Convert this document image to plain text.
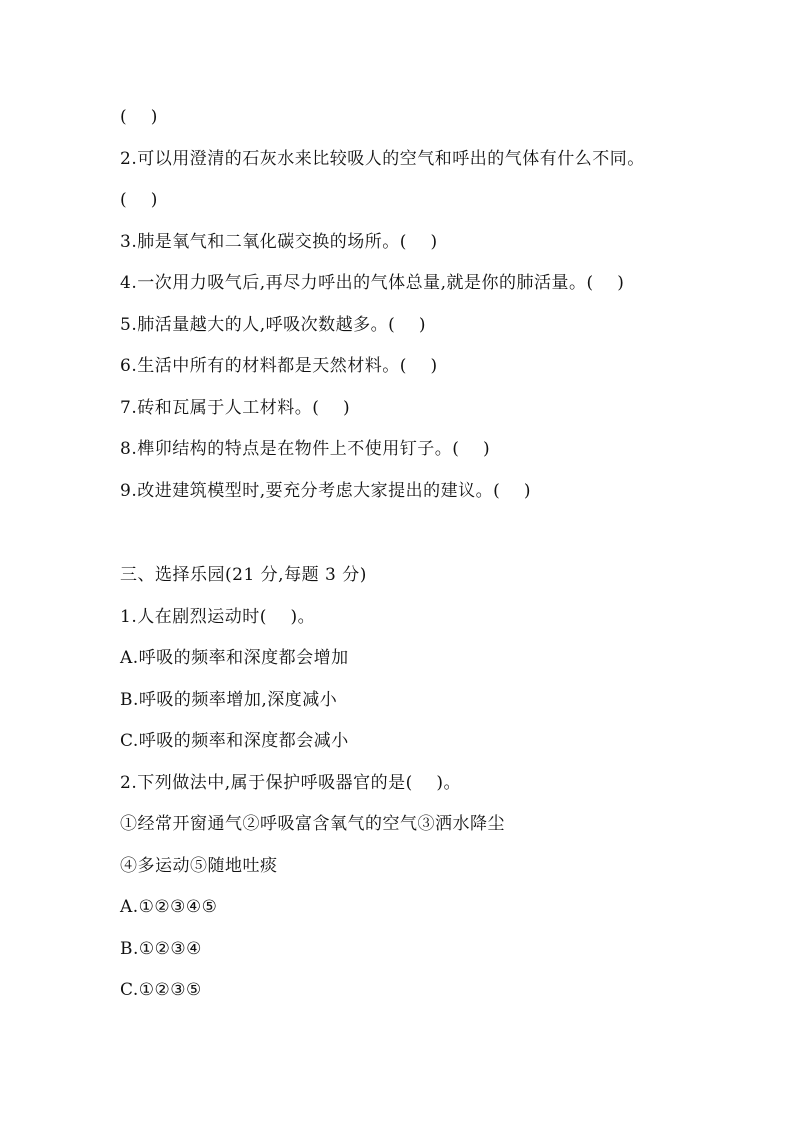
(    )
2.可以用澄清的石灰水来比较吸人的空气和呼出的气体有什么不同。
(    )
3.肺是氧气和二氧化碳交换的场所。(    )
4.一次用力吸气后,再尽力呼出的气体总量,就是你的肺活量。(    )
5.肺活量越大的人,呼吸次数越多。(    )
6.生活中所有的材料都是天然材料。(    )
7.砖和瓦属于人工材料。(    )
8.榫卯结构的特点是在物件上不使用钉子。(    )
9.改进建筑模型时,要充分考虑大家提出的建议。(    )
三、选择乐园(21 分,每题 3 分)
1.人在剧烈运动时(    )。
A.呼吸的频率和深度都会增加
B.呼吸的频率增加,深度减小
C.呼吸的频率和深度都会减小
2.下列做法中,属于保护呼吸器官的是(    )。
①经常开窗通气②呼吸富含氧气的空气③洒水降尘
④多运动⑤随地吐痰
A.①②③④⑤
B.①②③④
C.①②③⑤
